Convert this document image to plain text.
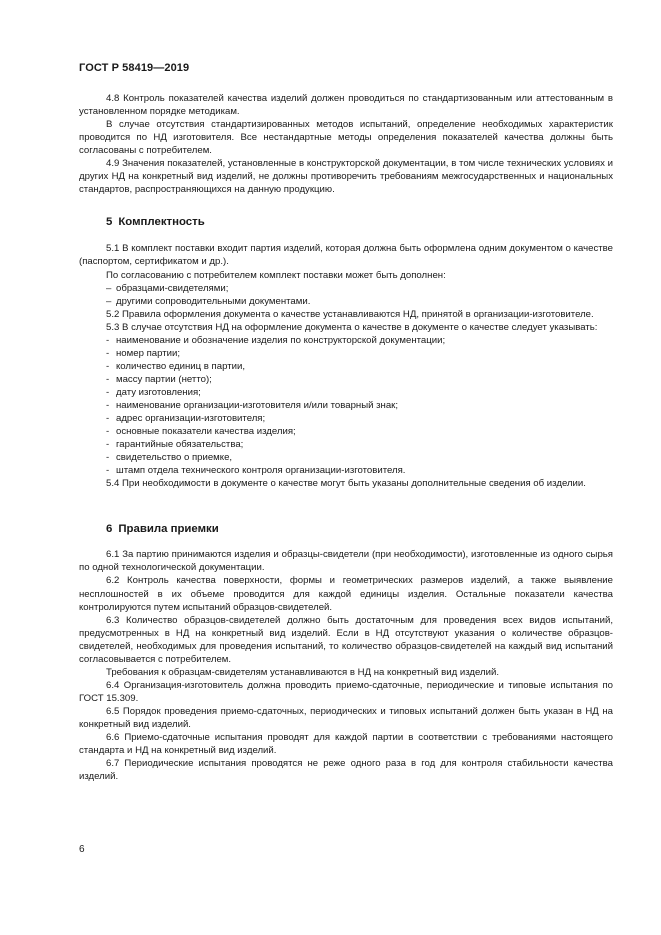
ГОСТ Р 58419—2019

4.8 Контроль показателей качества изделий должен проводиться по стандартизованным или аттестованным в установленном порядке методикам.

В случае отсутствия стандартизированных методов испытаний, определение необходимых характеристик проводится по НД изготовителя. Все нестандартные методы определения показателей качества должны быть согласованы с потребителем.

4.9 Значения показателей, установленные в конструкторской документации, в том числе технических условиях и других НД на конкретный вид изделий, не должны противоречить требованиям межгосударственных и национальных стандартов, распространяющихся на данную продукцию.

5 Комплектность

5.1 В комплект поставки входит партия изделий, которая должна быть оформлена одним документом о качестве (паспортом, сертификатом и др.).

По согласованию с потребителем комплект поставки может быть дополнен:

– образцами-свидетелями;

– другими сопроводительными документами.

5.2 Правила оформления документа о качестве устанавливаются НД, принятой в организации-изготовителе.

5.3 В случае отсутствия НД на оформление документа о качестве в документе о качестве следует указывать:

- наименование и обозначение изделия по конструкторской документации;

- номер партии;

- количество единиц в партии,

- массу партии (нетто);

- дату изготовления;

- наименование организации-изготовителя и/или товарный знак;

- адрес организации-изготовителя;

- основные показатели качества изделия;

- гарантийные обязательства;

- свидетельство о приемке,

- штамп отдела технического контроля организации-изготовителя.

5.4 При необходимости в документе о качестве могут быть указаны дополнительные сведения об изделии.

6 Правила приемки

6.1 За партию принимаются изделия и образцы-свидетели (при необходимости), изготовленные из одного сырья по одной технологической документации.

6.2 Контроль качества поверхности, формы и геометрических размеров изделий, а также выявление несплошностей в их объеме проводится для каждой единицы изделия. Остальные показатели качества контролируются путем испытаний образцов-свидетелей.

6.3 Количество образцов-свидетелей должно быть достаточным для проведения всех видов испытаний, предусмотренных в НД на конкретный вид изделий. Если в НД отсутствуют указания о количестве образцов-свидетелей, необходимых для проведения испытаний, то количество образцов-свидетелей на каждый вид испытаний согласовывается с потребителем.

Требования к образцам-свидетелям устанавливаются в НД на конкретный вид изделий.

6.4 Организация-изготовитель должна проводить приемо-сдаточные, периодические и типовые испытания по ГОСТ 15.309.

6.5 Порядок проведения приемо-сдаточных, периодических и типовых испытаний должен быть указан в НД на конкретный вид изделий.

6.6 Приемо-сдаточные испытания проводят для каждой партии в соответствии с требованиями настоящего стандарта и НД на конкретный вид изделий.

6.7 Периодические испытания проводятся не реже одного раза в год для контроля стабильности качества изделий.

6
